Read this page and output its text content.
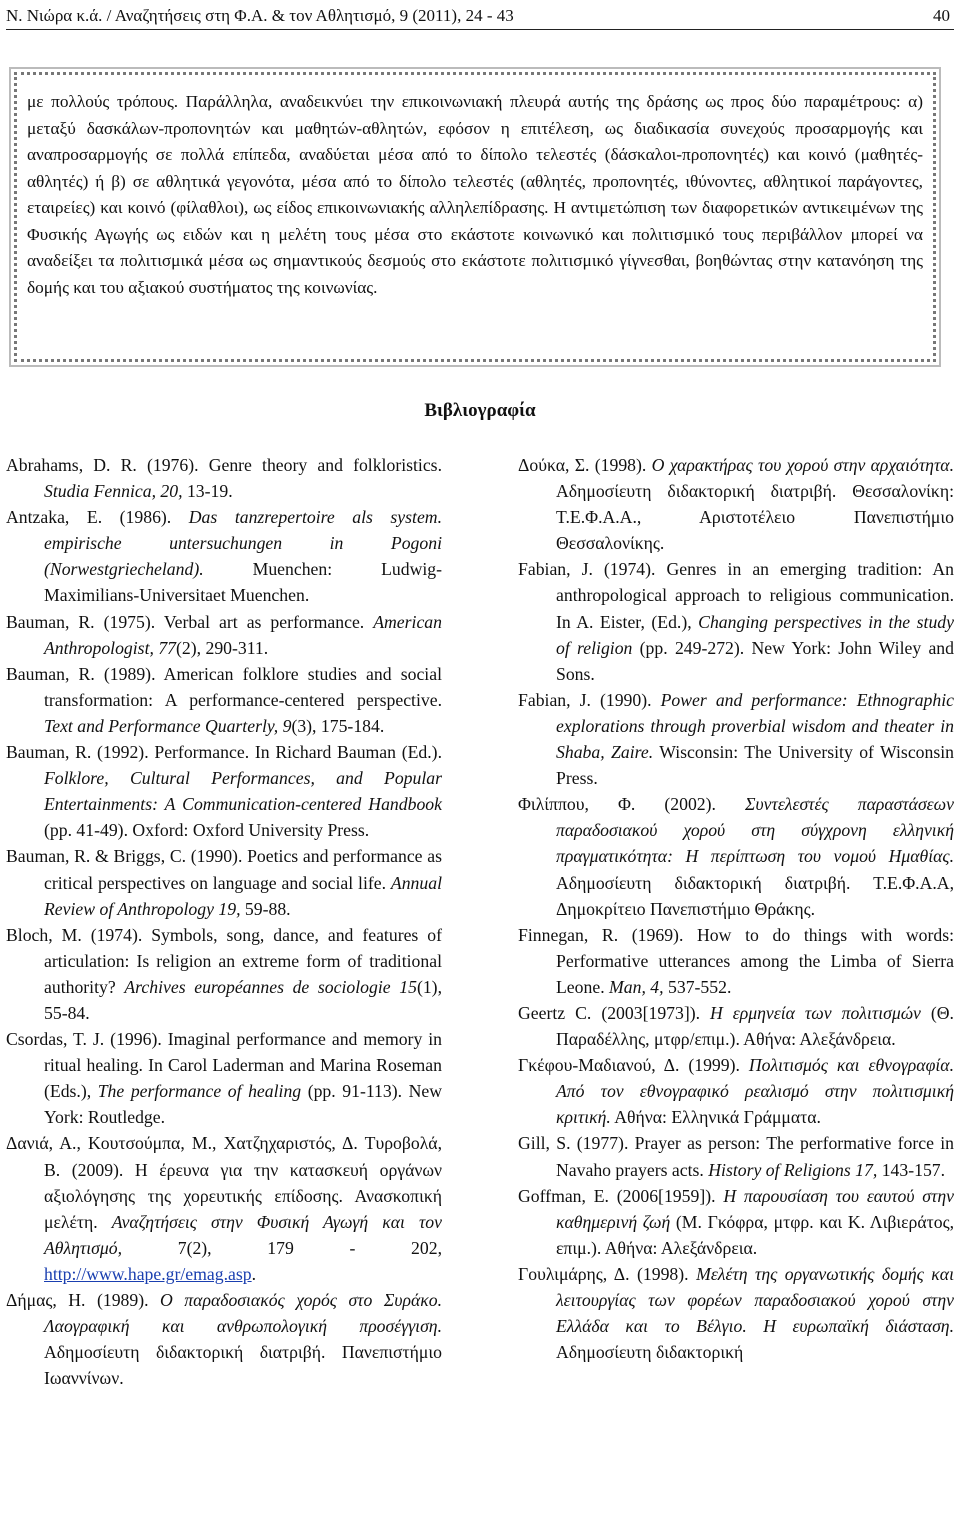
Ν. Νιώρα κ.ά. / Αναζητήσεις στη Φ.Α. & τον Αθλητισμό, 9 (2011), 24 - 43	40

με πολλούς τρόπους. Παράλληλα, αναδεικνύει την επικοινωνιακή πλευρά αυτής της δράσης ως προς δύο παραμέτρους: α) μεταξύ δασκάλων-προπονητών και μαθητών-αθλητών, εφόσον η επιτέλεση, ως διαδικασία συνεχούς προσαρμογής και αναπροσαρμογής σε πολλά επίπεδα, αναδύεται μέσα από το δίπολο τελεστές (δάσκαλοι-προπονητές) και κοινό (μαθητές-αθλητές) ή β) σε αθλητικά γεγονότα, μέσα από το δίπολο τελεστές (αθλητές, προπονητές, ιθύνοντες, αθλητικοί παράγοντες, εταιρείες) και κοινό (φίλαθλοι), ως είδος επικοινωνιακής αλληλεπίδρασης. Η αντιμετώπιση των διαφορετικών αντικειμένων της Φυσικής Αγωγής ως ειδών και η μελέτη τους μέσα στο εκάστοτε κοινωνικό και πολιτισμικό τους περιβάλλον μπορεί να αναδείξει τα πολιτισμικά μέσα ως σημαντικούς δεσμούς στο εκάστοτε πολιτισμικό γίγνεσθαι, βοηθώντας στην κατανόηση της δομής και του αξιακού συστήματος της κοινωνίας.

Βιβλιογραφία

Abrahams, D. R. (1976). Genre theory and folkloristics. Studia Fennica, 20, 13-19.

Antzaka, E. (1986). Das tanzrepertoire als system. empirische untersuchungen in Pogoni (Norwestgriecheland). Muenchen: Ludwig-Maximilians-Universitaet Muenchen.

Bauman, R. (1975). Verbal art as performance. American Anthropologist, 77(2), 290-311.

Bauman, R. (1989). American folklore studies and social transformation: A performance-centered perspective. Text and Performance Quarterly, 9(3), 175-184.

Bauman, R. (1992). Performance. In Richard Bauman (Ed.). Folklore, Cultural Performances, and Popular Entertainments: A Communication-centered Handbook (pp. 41-49). Oxford: Oxford University Press.

Bauman, R. & Briggs, C. (1990). Poetics and performance as critical perspectives on language and social life. Annual Review of Anthropology 19, 59-88.

Bloch, M. (1974). Symbols, song, dance, and features of articulation: Is religion an extreme form of traditional authority? Archives européannes de sociologie 15(1), 55-84.

Csordas, T. J. (1996). Imaginal performance and memory in ritual healing. In Carol Laderman and Marina Roseman (Eds.), The performance of healing (pp. 91-113). New York: Routledge.

Δανιά, Α., Κουτσούμπα, Μ., Χατζηχαριστός, Δ. Τυροβολά, Β. (2009). Η έρευνα για την κατασκευή οργάνων αξιολόγησης της χορευτικής επίδοσης. Ανασκοπική μελέτη. Αναζητήσεις στην Φυσική Αγωγή και τον Αθλητισμό, 7(2), 179 - 202, http://www.hape.gr/emag.asp.

Δήμας, Η. (1989). Ο παραδοσιακός χορός στο Συράκο. Λαογραφική και ανθρωπολογική προσέγγιση. Αδημοσίευτη διδακτορική διατριβή. Πανεπιστήμιο Ιωαννίνων.

Δούκα, Σ. (1998). Ο χαρακτήρας του χορού στην αρχαιότητα. Αδημοσίευτη διδακτορική διατριβή. Θεσσαλονίκη: Τ.Ε.Φ.Α.Α., Αριστοτέλειο Πανεπιστήμιο Θεσσαλονίκης.

Fabian, J. (1974). Genres in an emerging tradition: An anthropological approach to religious communication. In A. Eister, (Ed.), Changing perspectives in the study of religion (pp. 249-272). New York: John Wiley and Sons.

Fabian, J. (1990). Power and performance: Ethnographic explorations through proverbial wisdom and theater in Shaba, Zaire. Wisconsin: The University of Wisconsin Press.

Φιλίππου, Φ. (2002). Συντελεστές παραστάσεων παραδοσιακού χορού στη σύγχρονη ελληνική πραγματικότητα: Η περίπτωση του νομού Ημαθίας. Αδημοσίευτη διδακτορική διατριβή. Τ.Ε.Φ.Α.Α, Δημοκρίτειο Πανεπιστήμιο Θράκης.

Finnegan, R. (1969). How to do things with words: Performative utterances among the Limba of Sierra Leone. Man, 4, 537-552.

Geertz C. (2003[1973]). Η ερμηνεία των πολιτισμών (Θ. Παραδέλλης, μτφρ/επιμ.). Αθήνα: Αλεξάνδρεια.

Γκέφου-Μαδιανού, Δ. (1999). Πολιτισμός και εθνογραφία. Από τον εθνογραφικό ρεαλισμό στην πολιτισμική κριτική. Αθήνα: Ελληνικά Γράμματα.

Gill, S. (1977). Prayer as person: The performative force in Navaho prayers acts. History of Religions 17, 143-157.

Goffman, E. (2006[1959]). Η παρουσίαση του εαυτού στην καθημερινή ζωή (Μ. Γκόφρα, μτφρ. και Κ. Λιβιεράτος, επιμ.). Αθήνα: Αλεξάνδρεια.

Γουλιμάρης, Δ. (1998). Μελέτη της οργανωτικής δομής και λειτουργίας των φορέων παραδοσιακού χορού στην Ελλάδα και το Βέλγιο. Η ευρωπαϊκή διάσταση. Αδημοσίευτη διδακτορική
